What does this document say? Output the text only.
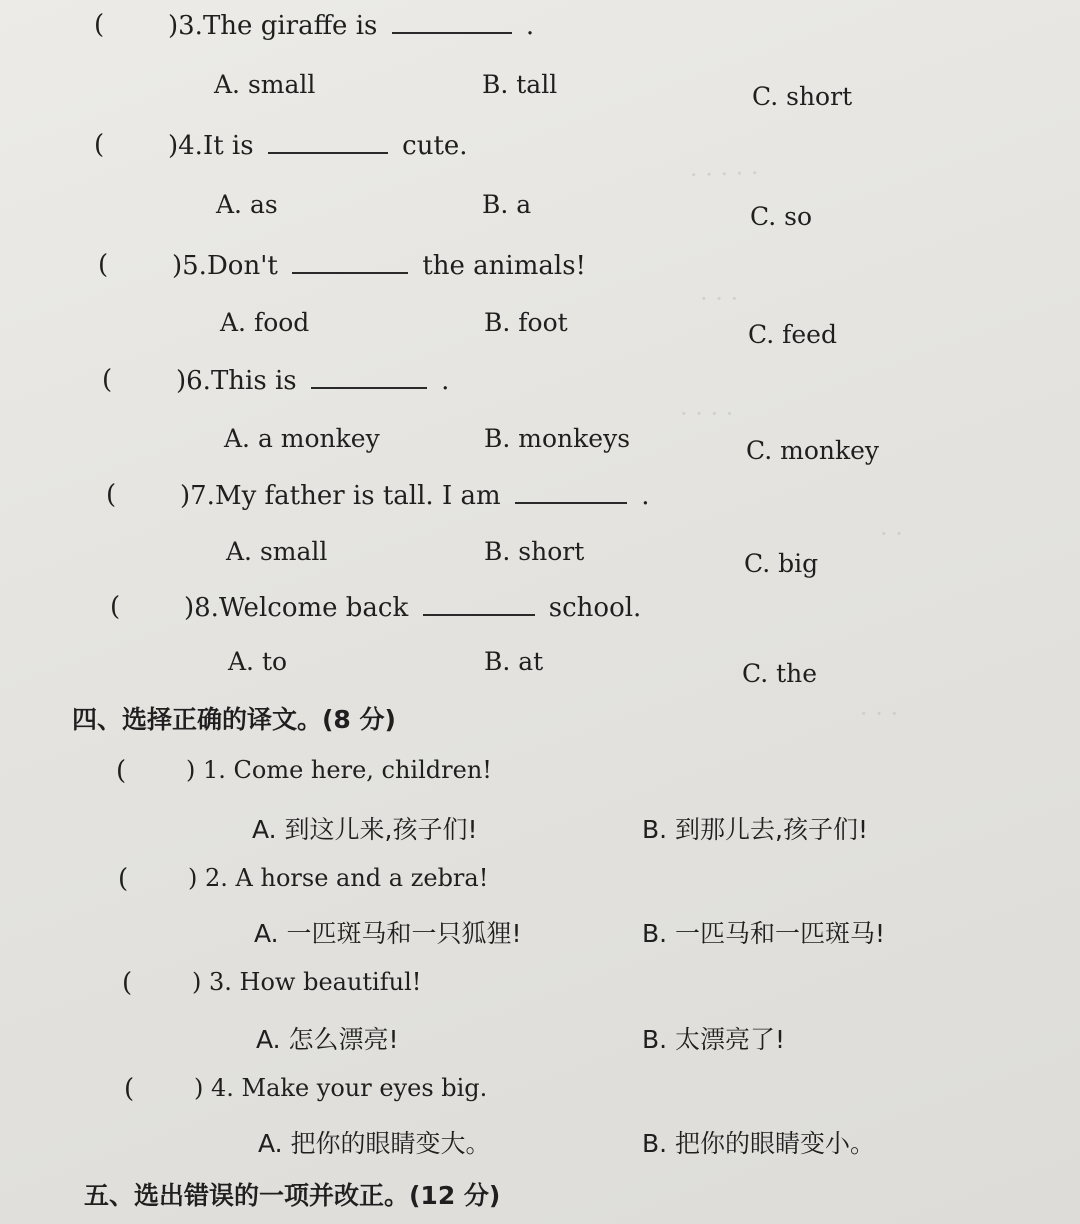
· · · · ·
· · ·
· · · ·
· ·
· · ·
( )3.The giraffe is	.
A. small	B. tall	C. short
( )4.It is	cute.
A. as	B. a	C. so
( )5.Don't	the animals!
A. food	B. foot	C. feed
( )6.This is	.
A. a monkey	B. monkeys	C. monkey
( )7.My father is tall. I am	.
A. small	B. short	C. big
( )8.Welcome back	school.
A. to	B. at	C. the
四、选择正确的译文。(8 分)
( ) 1. Come here, children!
A. 到这儿来,孩子们!	B. 到那儿去,孩子们!
( ) 2. A horse and a zebra!
A. 一匹斑马和一只狐狸!	B. 一匹马和一匹斑马!
( ) 3. How beautiful!
A. 怎么漂亮!	B. 太漂亮了!
( ) 4. Make your eyes big.
A. 把你的眼睛变大。	B. 把你的眼睛变小。
五、选出错误的一项并改正。(12 分)
